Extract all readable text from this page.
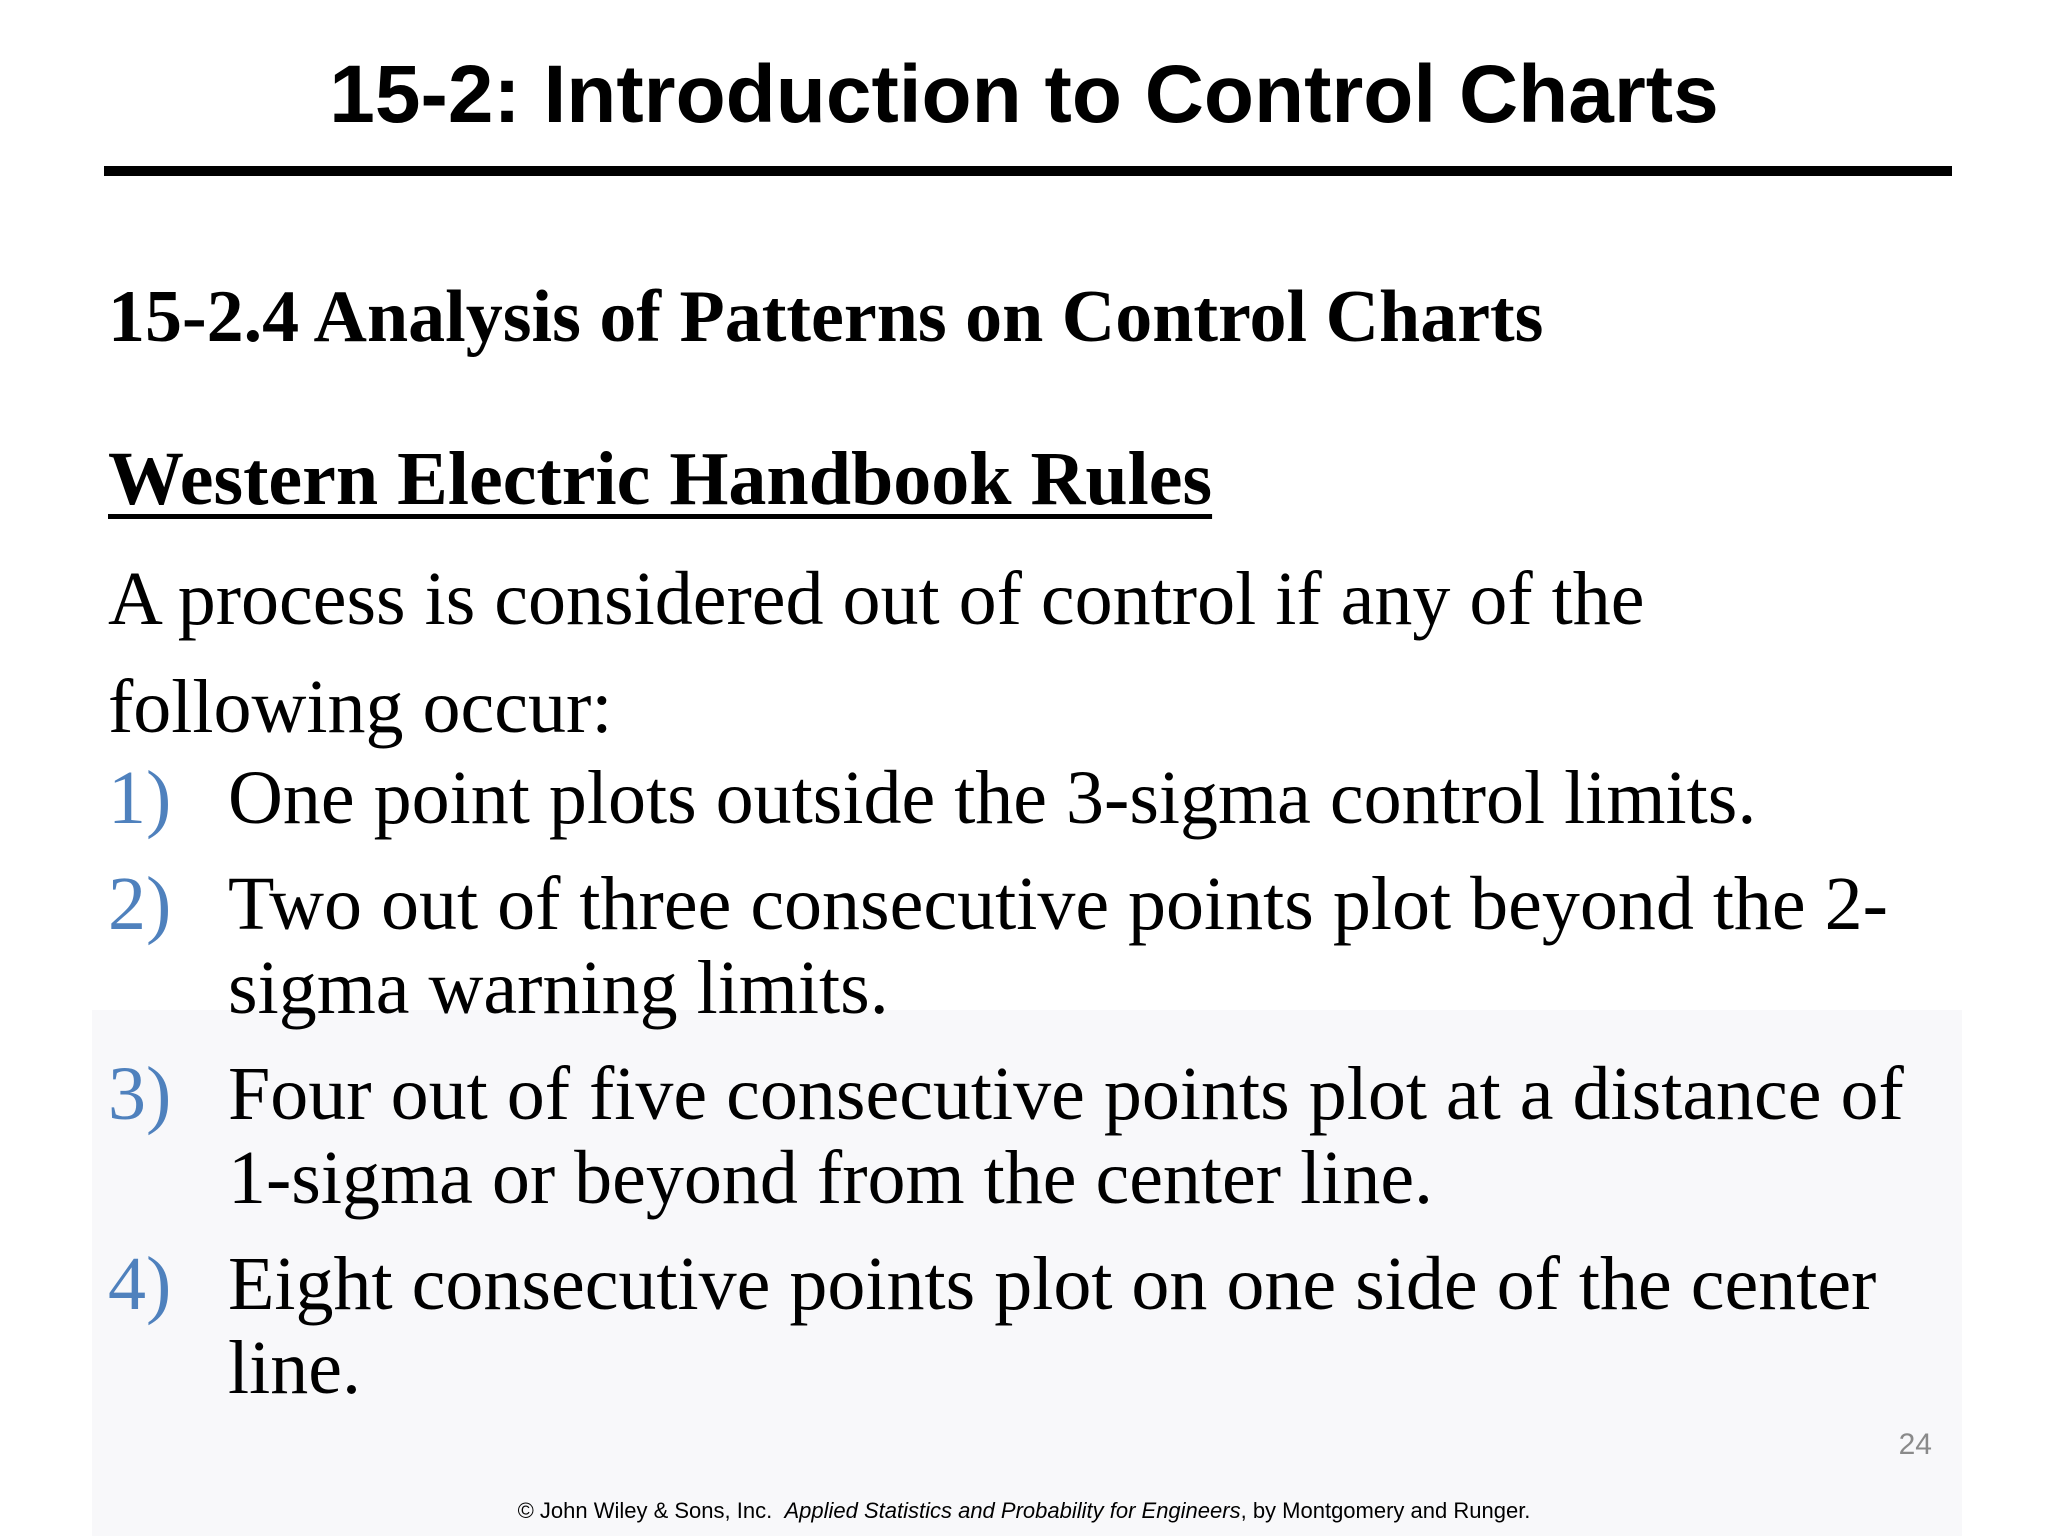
15-2: Introduction to Control Charts
15-2.4 Analysis of Patterns on Control Charts
Western Electric Handbook Rules

A process is considered out of control if any of the following occur:

1) One point plots outside the 3-sigma control limits.
2) Two out of three consecutive points plot beyond the 2-sigma warning limits.
3) Four out of five consecutive points plot at a distance of 1-sigma or beyond from the center line.
4) Eight consecutive points plot on one side of the center line.
24
© John Wiley & Sons, Inc. Applied Statistics and Probability for Engineers, by Montgomery and Runger.
